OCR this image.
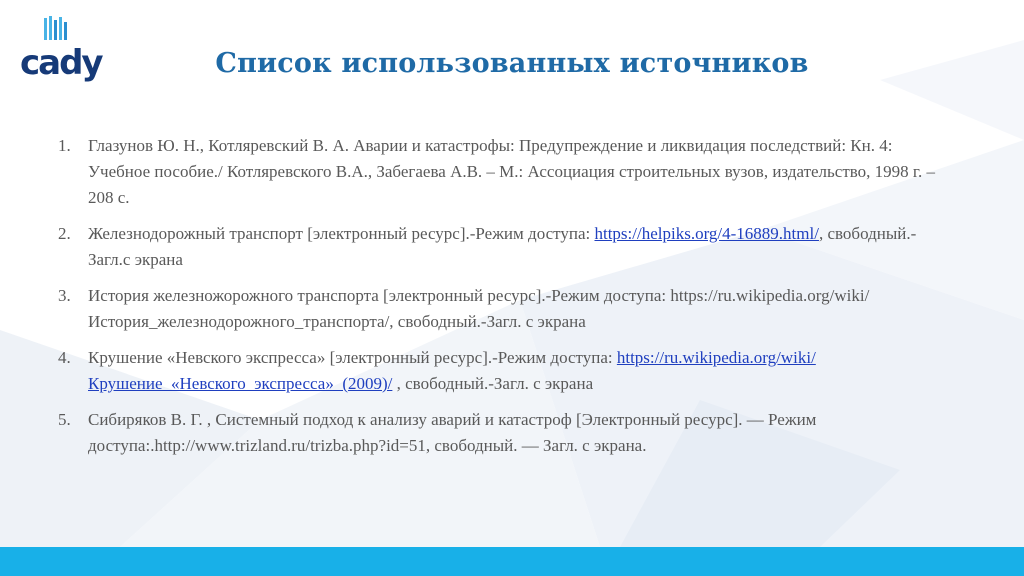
cady	Список использованных источников
1. Глазунов Ю. Н., Котляревский В. А. Аварии и катастрофы: Предупреждение и ликвидация последствий: Кн. 4: Учебное пособие./ Котляревского В.А., Забегаева А.В. – М.: Ассоциация строительных вузов, издательство, 1998 г. – 208 с.
2. Железнодорожный транспорт [электронный ресурс].-Режим доступа: https://helpiks.org/4-16889.html/, свободный.- Загл.с экрана
3. История железножорожного транспорта [электронный ресурс].-Режим доступа: https://ru.wikipedia.org/wiki/История_железнодорожного_транспорта/, свободный.-Загл. с экрана
4. Крушение «Невского экспресса» [электронный ресурс].-Режим доступа: https://ru.wikipedia.org/wiki/Крушение_«Невского_экспресса»_(2009)/ , свободный.-Загл. с экрана
5. Сибиряков В. Г. , Системный подход к анализу аварий и катастроф [Электронный ресурс]. — Режим доступа:.http://www.trizland.ru/trizba.php?id=51, свободный. — Загл. с экрана.
